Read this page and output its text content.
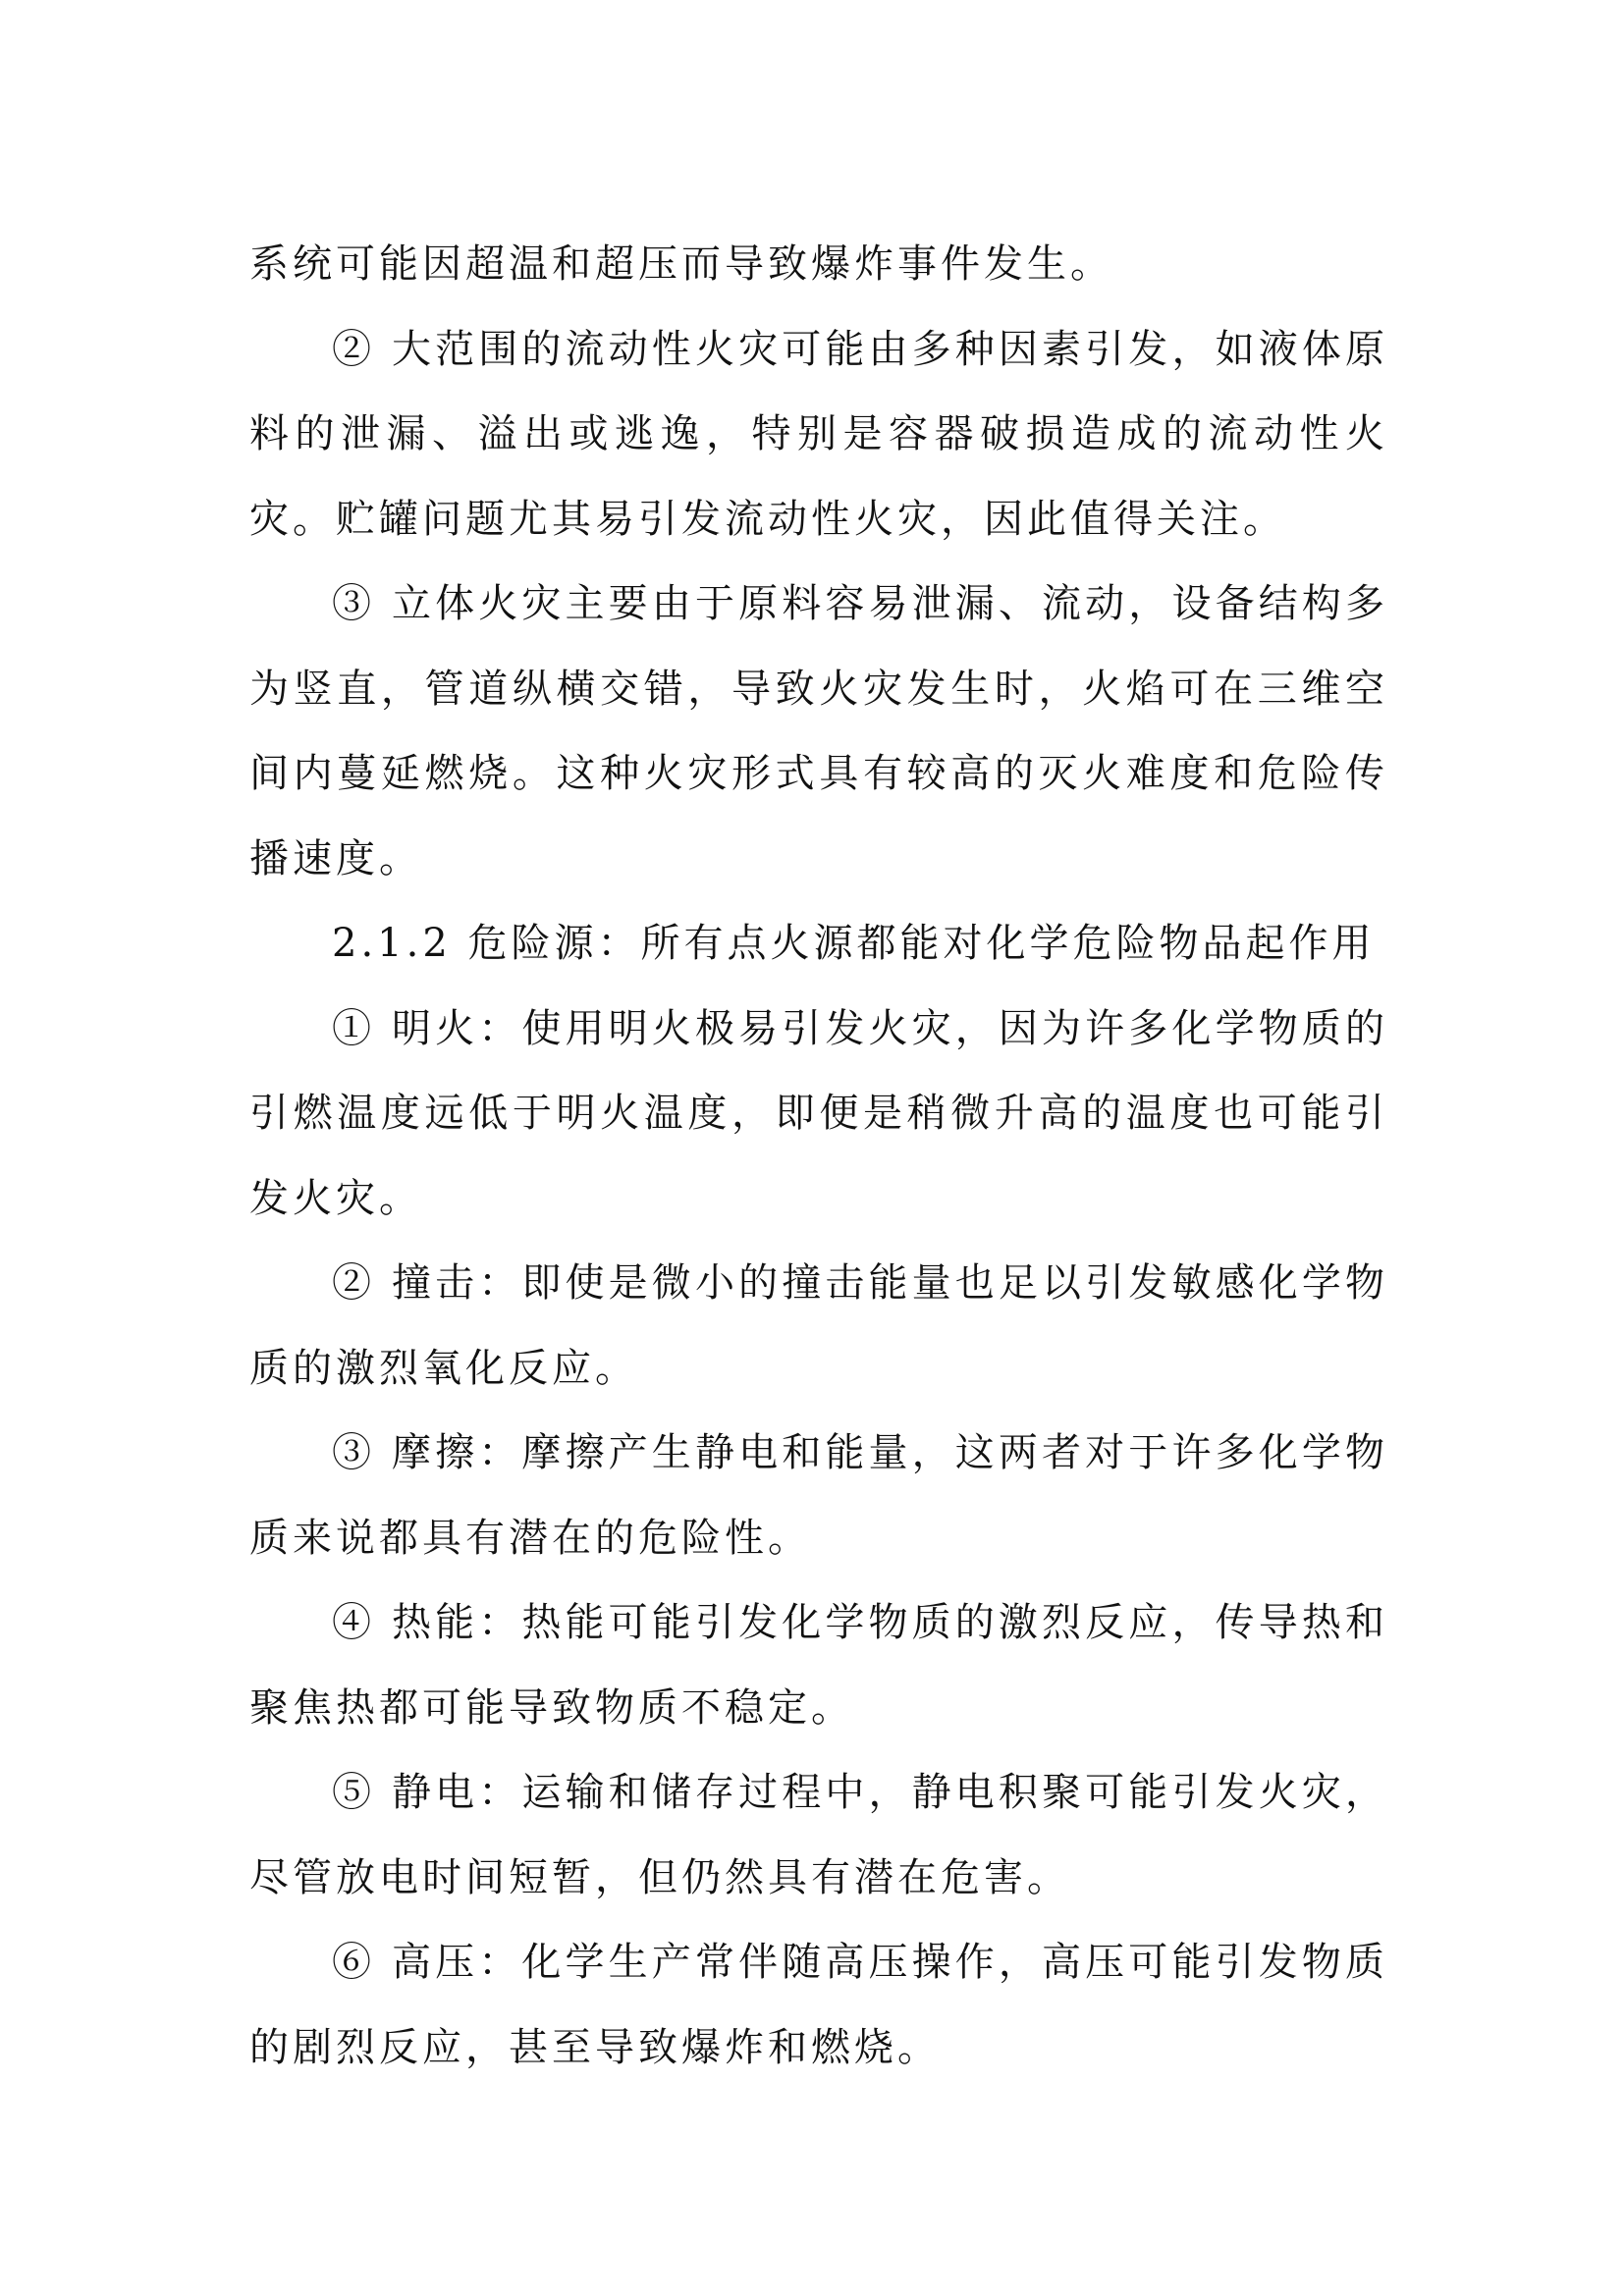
系统可能因超温和超压而导致爆炸事件发生。

② 大范围的流动性火灾可能由多种因素引发，如液体原料的泄漏、溢出或逃逸，特别是容器破损造成的流动性火灾。贮罐问题尤其易引发流动性火灾，因此值得关注。

③ 立体火灾主要由于原料容易泄漏、流动，设备结构多为竖直，管道纵横交错，导致火灾发生时，火焰可在三维空间内蔓延燃烧。这种火灾形式具有较高的灭火难度和危险传播速度。

2.1.2 危险源：所有点火源都能对化学危险物品起作用

① 明火：使用明火极易引发火灾，因为许多化学物质的引燃温度远低于明火温度，即便是稍微升高的温度也可能引发火灾。

② 撞击：即使是微小的撞击能量也足以引发敏感化学物质的激烈氧化反应。

③ 摩擦：摩擦产生静电和能量，这两者对于许多化学物质来说都具有潜在的危险性。

④ 热能：热能可能引发化学物质的激烈反应，传导热和聚焦热都可能导致物质不稳定。

⑤ 静电：运输和储存过程中，静电积聚可能引发火灾，尽管放电时间短暂，但仍然具有潜在危害。

⑥ 高压：化学生产常伴随高压操作，高压可能引发物质的剧烈反应，甚至导致爆炸和燃烧。
